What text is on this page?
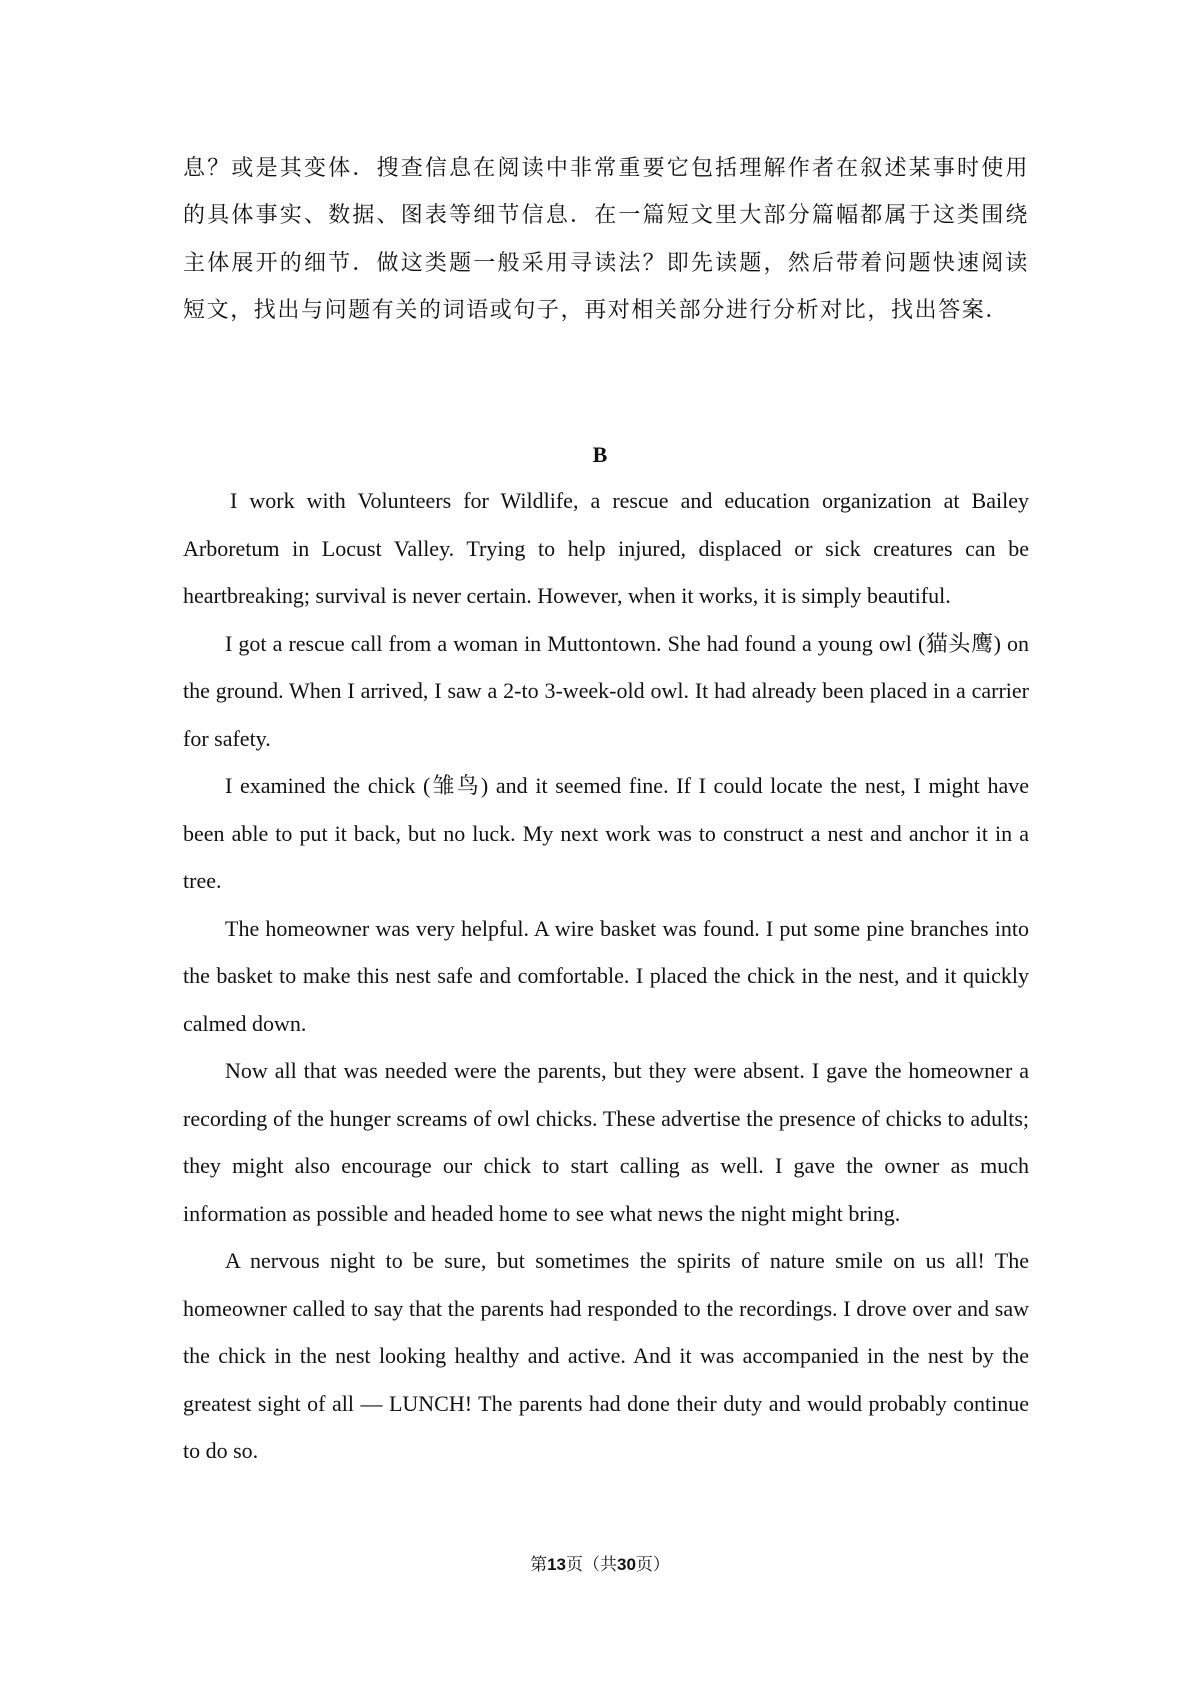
息？或是其变体．搜查信息在阅读中非常重要它包括理解作者在叙述某事时使用的具体事实、数据、图表等细节信息．在一篇短文里大部分篇幅都属于这类围绕主体展开的细节．做这类题一般采用寻读法？即先读题，然后带着问题快速阅读短文，找出与问题有关的词语或句子，再对相关部分进行分析对比，找出答案．

B

I work with Volunteers for Wildlife, a rescue and education organization at Bailey Arboretum in Locust Valley. Trying to help injured, displaced or sick creatures can be heartbreaking; survival is never certain. However, when it works, it is simply beautiful.

I got a rescue call from a woman in Muttontown. She had found a young owl (猫头鹰) on the ground. When I arrived, I saw a 2-to 3-week-old owl. It had already been placed in a carrier for safety.

I examined the chick (雏鸟) and it seemed fine. If I could locate the nest, I might have been able to put it back, but no luck. My next work was to construct a nest and anchor it in a tree.

The homeowner was very helpful. A wire basket was found. I put some pine branches into the basket to make this nest safe and comfortable. I placed the chick in the nest, and it quickly calmed down.

Now all that was needed were the parents, but they were absent. I gave the homeowner a recording of the hunger screams of owl chicks. These advertise the presence of chicks to adults; they might also encourage our chick to start calling as well. I gave the owner as much information as possible and headed home to see what news the night might bring.

A nervous night to be sure, but sometimes the spirits of nature smile on us all! The homeowner called to say that the parents had responded to the recordings. I drove over and saw the chick in the nest looking healthy and active. And it was accompanied in the nest by the greatest sight of all — LUNCH! The parents had done their duty and would probably continue to do so.

第13页（共30页）
